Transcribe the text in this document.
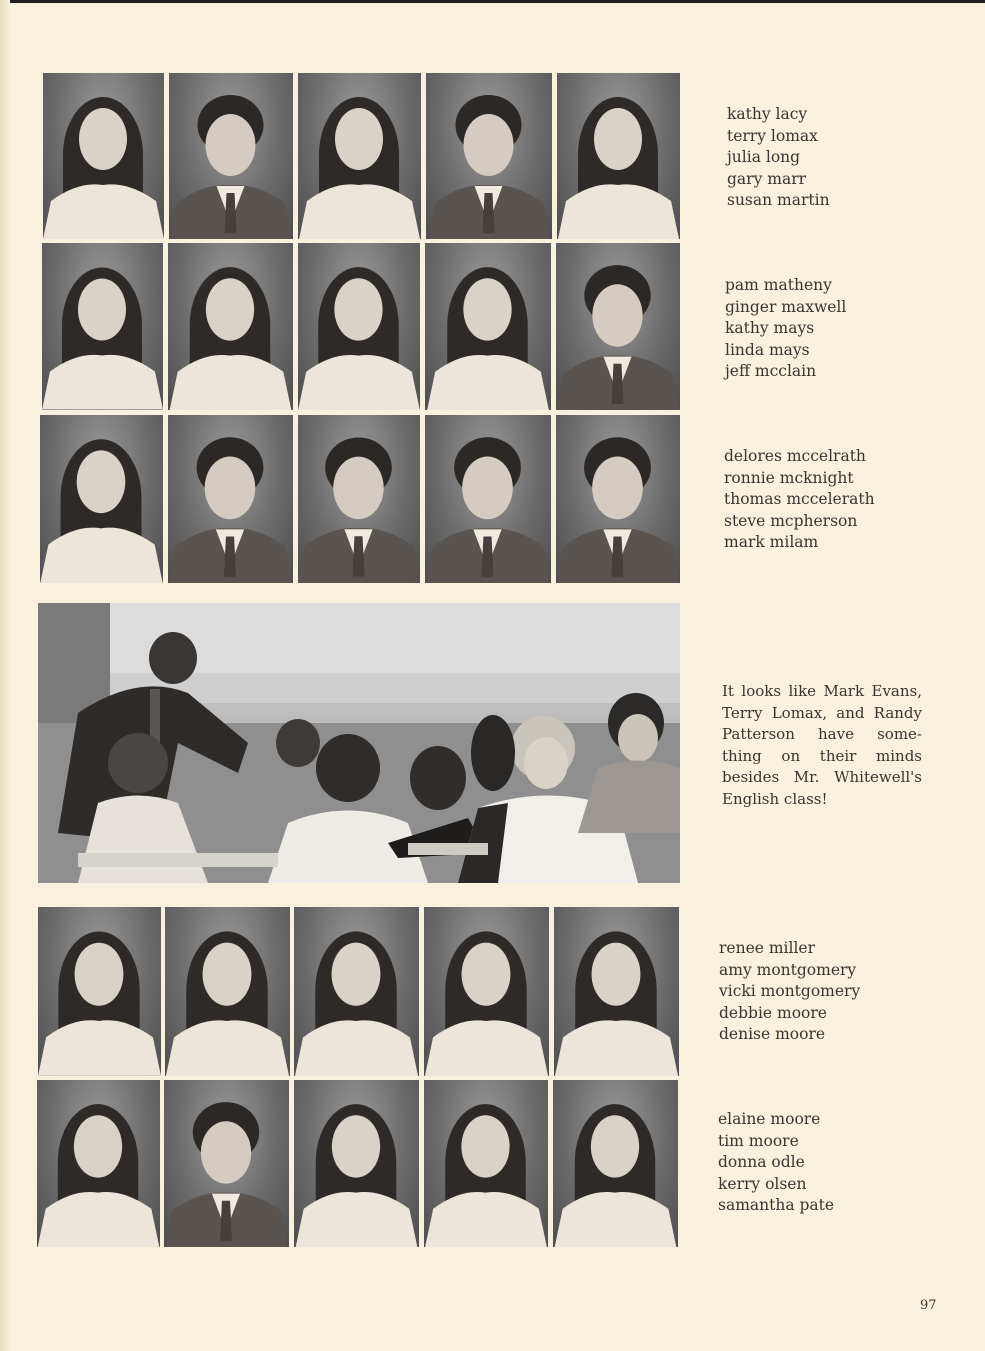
kathy lacy
terry lomax
julia long
gary marr
susan martin
pam matheny
ginger maxwell
kathy mays
linda mays
jeff mcclain
delores mccelrath
ronnie mcknight
thomas mccelerath
steve mcpherson
mark milam
It looks like Mark Evans,
Terry Lomax, and Randy
Patterson have some-
thing on their minds
besides Mr. Whitewell's
English class!
renee miller
amy montgomery
vicki montgomery
debbie moore
denise moore
elaine moore
tim moore
donna odle
kerry olsen
samantha pate
97
